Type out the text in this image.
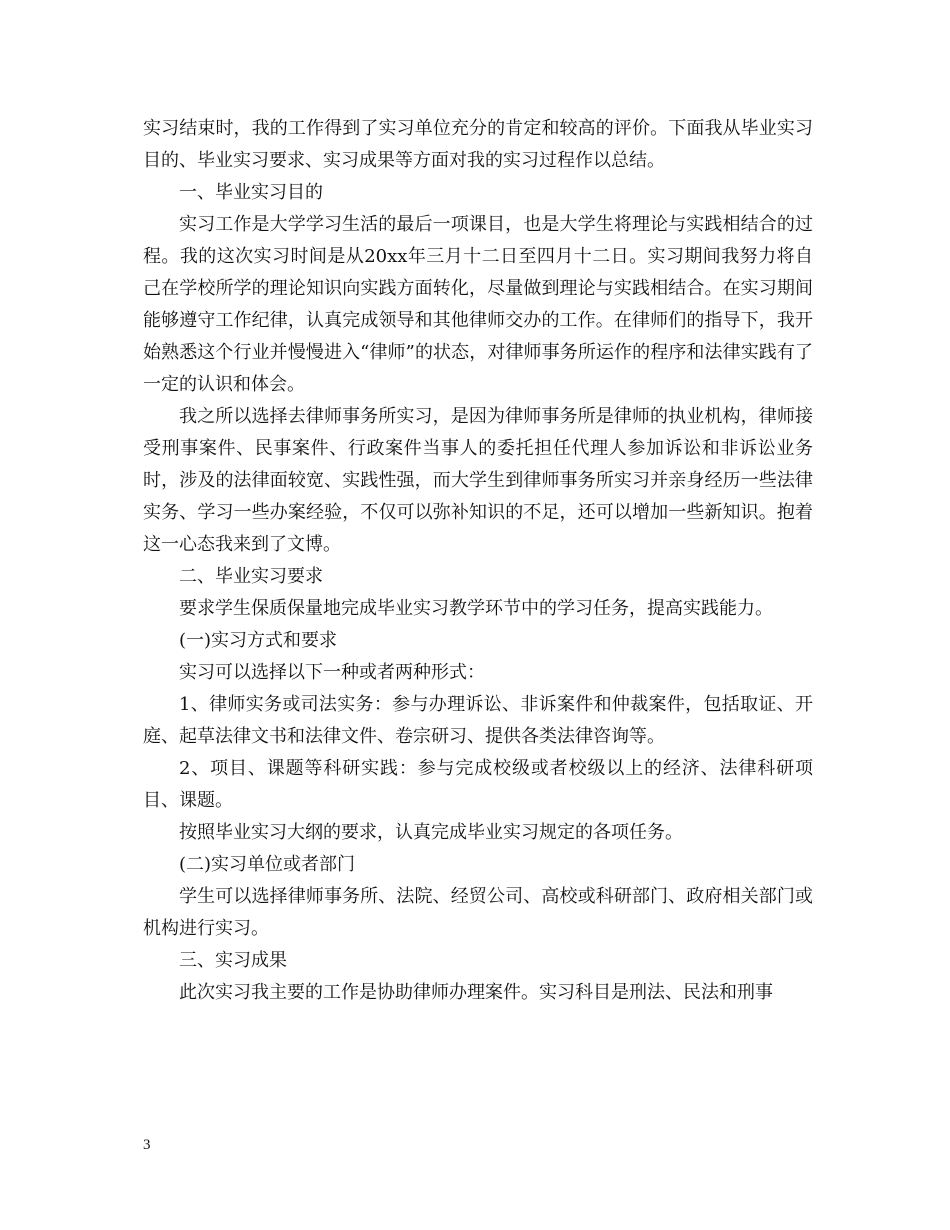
实习结束时，我的工作得到了实习单位充分的肯定和较高的评价。下面我从毕业实习目的、毕业实习要求、实习成果等方面对我的实习过程作以总结。

一、毕业实习目的

实习工作是大学学习生活的最后一项课目，也是大学生将理论与实践相结合的过程。我的这次实习时间是从20xx年三月十二日至四月十二日。实习期间我努力将自己在学校所学的理论知识向实践方面转化，尽量做到理论与实践相结合。在实习期间能够遵守工作纪律，认真完成领导和其他律师交办的工作。在律师们的指导下，我开始熟悉这个行业并慢慢进入“律师”的状态，对律师事务所运作的程序和法律实践有了一定的认识和体会。

我之所以选择去律师事务所实习，是因为律师事务所是律师的执业机构，律师接受刑事案件、民事案件、行政案件当事人的委托担任代理人参加诉讼和非诉讼业务时，涉及的法律面较宽、实践性强，而大学生到律师事务所实习并亲身经历一些法律实务、学习一些办案经验，不仅可以弥补知识的不足，还可以增加一些新知识。抱着这一心态我来到了文博。

二、毕业实习要求

要求学生保质保量地完成毕业实习教学环节中的学习任务，提高实践能力。

(一)实习方式和要求

实习可以选择以下一种或者两种形式：

1、律师实务或司法实务：参与办理诉讼、非诉案件和仲裁案件，包括取证、开庭、起草法律文书和法律文件、卷宗研习、提供各类法律咨询等。

2、项目、课题等科研实践：参与完成校级或者校级以上的经济、法律科研项目、课题。

按照毕业实习大纲的要求，认真完成毕业实习规定的各项任务。

(二)实习单位或者部门

学生可以选择律师事务所、法院、经贸公司、高校或科研部门、政府相关部门或机构进行实习。

三、实习成果

此次实习我主要的工作是协助律师办理案件。实习科目是刑法、民法和刑事

3
